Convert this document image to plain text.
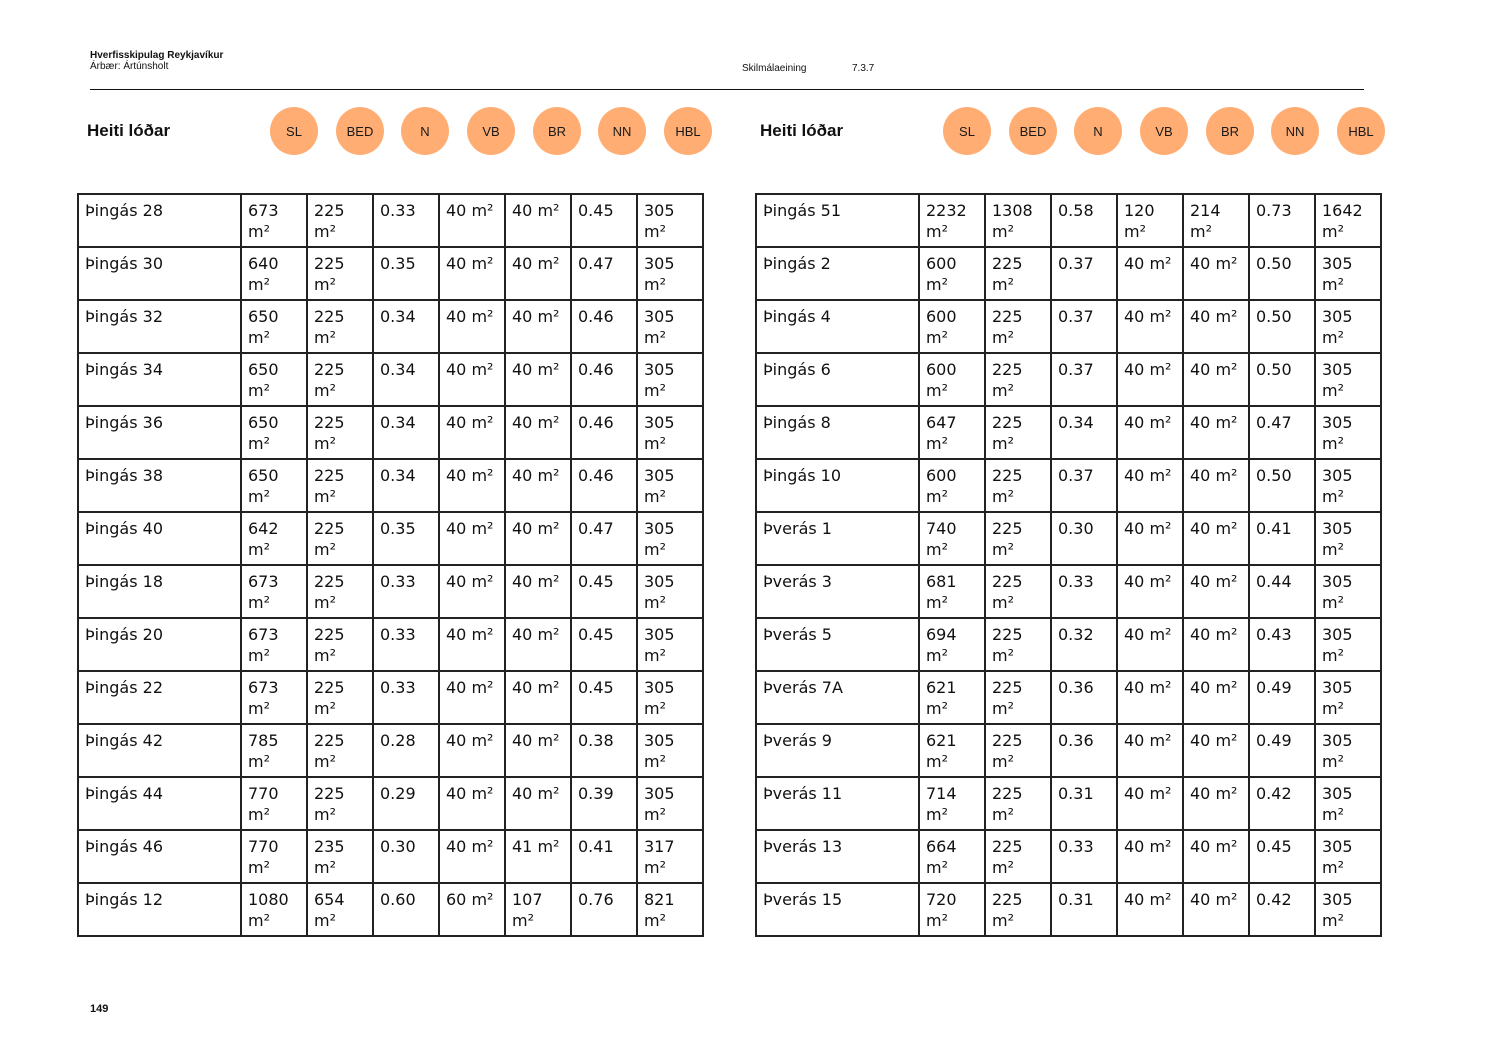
Hverfisskipulag Reykjavíkur
Árbær: Ártúnsholt	Skilmálaeining	7.3.7
Heiti lóðar	SL	BED	N	VB	BR	NN	HBL
Þingás 28	673 m²	225 m²	0.33	40 m²	40 m²	0.45	305 m²
Þingás 30	640 m²	225 m²	0.35	40 m²	40 m²	0.47	305 m²
Þingás 32	650 m²	225 m²	0.34	40 m²	40 m²	0.46	305 m²
Þingás 34	650 m²	225 m²	0.34	40 m²	40 m²	0.46	305 m²
Þingás 36	650 m²	225 m²	0.34	40 m²	40 m²	0.46	305 m²
Þingás 38	650 m²	225 m²	0.34	40 m²	40 m²	0.46	305 m²
Þingás 40	642 m²	225 m²	0.35	40 m²	40 m²	0.47	305 m²
Þingás 18	673 m²	225 m²	0.33	40 m²	40 m²	0.45	305 m²
Þingás 20	673 m²	225 m²	0.33	40 m²	40 m²	0.45	305 m²
Þingás 22	673 m²	225 m²	0.33	40 m²	40 m²	0.45	305 m²
Þingás 42	785 m²	225 m²	0.28	40 m²	40 m²	0.38	305 m²
Þingás 44	770 m²	225 m²	0.29	40 m²	40 m²	0.39	305 m²
Þingás 46	770 m²	235 m²	0.30	40 m²	41 m²	0.41	317 m²
Þingás 12	1080 m²	654 m²	0.60	60 m²	107 m²	0.76	821 m²
Heiti lóðar	SL	BED	N	VB	BR	NN	HBL
Þingás 51	2232 m²	1308 m²	0.58	120 m²	214 m²	0.73	1642 m²
Þingás 2	600 m²	225 m²	0.37	40 m²	40 m²	0.50	305 m²
Þingás 4	600 m²	225 m²	0.37	40 m²	40 m²	0.50	305 m²
Þingás 6	600 m²	225 m²	0.37	40 m²	40 m²	0.50	305 m²
Þingás 8	647 m²	225 m²	0.34	40 m²	40 m²	0.47	305 m²
Þingás 10	600 m²	225 m²	0.37	40 m²	40 m²	0.50	305 m²
Þverás 1	740 m²	225 m²	0.30	40 m²	40 m²	0.41	305 m²
Þverás 3	681 m²	225 m²	0.33	40 m²	40 m²	0.44	305 m²
Þverás 5	694 m²	225 m²	0.32	40 m²	40 m²	0.43	305 m²
Þverás 7A	621 m²	225 m²	0.36	40 m²	40 m²	0.49	305 m²
Þverás 9	621 m²	225 m²	0.36	40 m²	40 m²	0.49	305 m²
Þverás 11	714 m²	225 m²	0.31	40 m²	40 m²	0.42	305 m²
Þverás 13	664 m²	225 m²	0.33	40 m²	40 m²	0.45	305 m²
Þverás 15	720 m²	225 m²	0.31	40 m²	40 m²	0.42	305 m²
149
